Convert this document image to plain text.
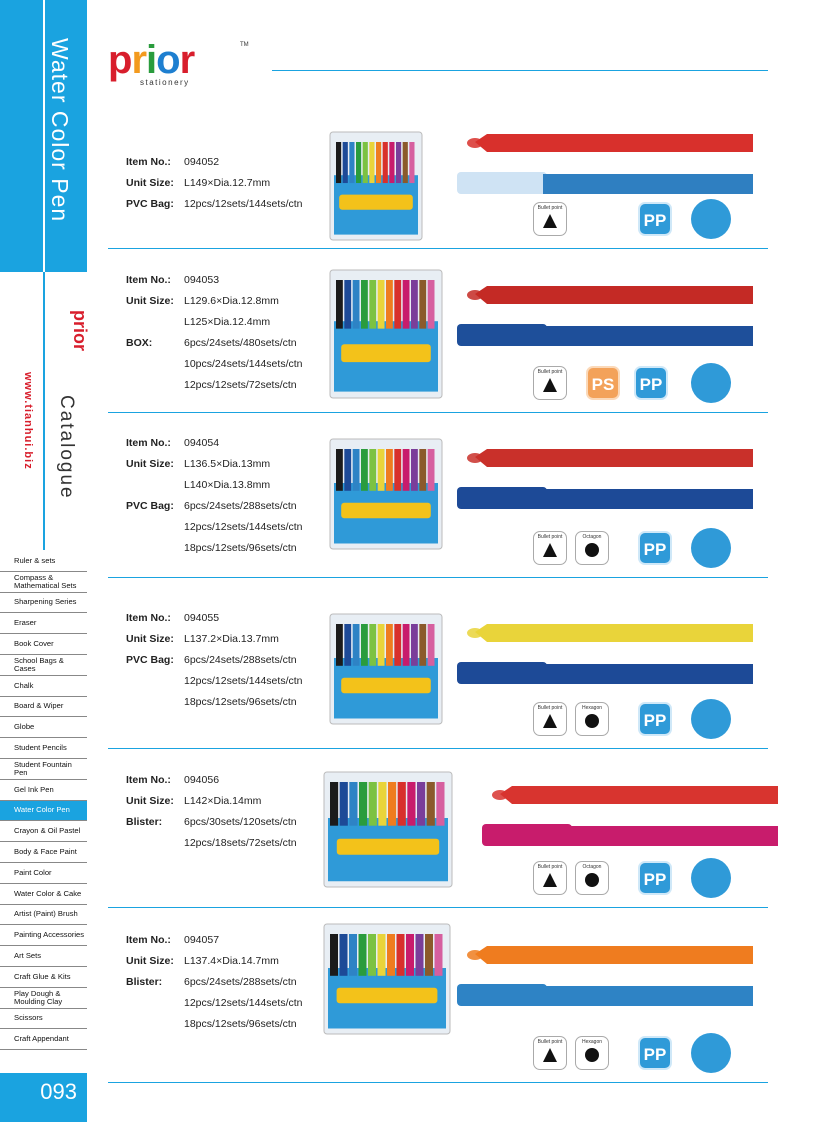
Water Color Pen
prior
www.tianhui.biz Catalogue
Ruler & sets
Compass & Mathematical Sets
Sharpening Series
Eraser
Book Cover
School Bags & Cases
Chalk
Board & Wiper
Globe
Student Pencils
Student Fountain Pen
Gel Ink Pen
Water Color Pen
Crayon & Oil Pastel
Body & Face Paint
Paint Color
Water Color & Cake
Artist (Paint) Brush
Painting Accessories
Art Sets
Craft Glue & Kits
Play Dough & Moulding Clay
Scissors
Craft Appendant
093
prior	TM
stationery
Item No.:	094052
Unit Size: L149×Dia.12.7mm
PVC Bag: 12pcs/12sets/144sets/ctn	Bullet point
PP
Item No.:	094053
Unit Size: L129.6×Dia.12.8mm
L125×Dia.12.4mm
BOX:	6pcs/24sets/480sets/ctn
10pcs/24sets/144sets/ctn
12pcs/12sets/72sets/ctn
Bullet point
PS	PP
Item No.:	094054
Unit Size: L136.5×Dia.13mm
L140×Dia.13.8mm
PVC Bag: 6pcs/24sets/288sets/ctn
12pcs/12sets/144sets/ctn
18pcs/12sets/96sets/ctn
Bullet point	Octagon
PP
Item No.:	094055
Unit Size: L137.2×Dia.13.7mm
PVC Bag: 6pcs/24sets/288sets/ctn
12pcs/12sets/144sets/ctn
18pcs/12sets/96sets/ctn	Bullet point	Hexagon
PP
Item No.:	094056
Unit Size: L142×Dia.14mm
Blister:	6pcs/30sets/120sets/ctn
12pcs/18sets/72sets/ctn
Bullet point	Octagon
PP
Item No.:	094057
Unit Size: L137.4×Dia.14.7mm
Blister:	6pcs/24sets/288sets/ctn
12pcs/12sets/144sets/ctn
18pcs/12sets/96sets/ctn
Bullet point	Hexagon
PP
